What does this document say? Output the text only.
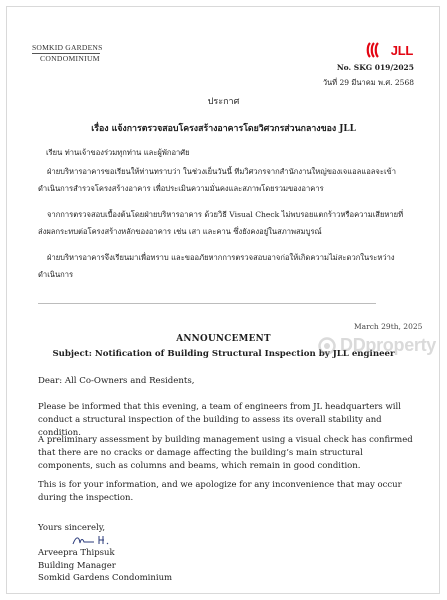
SOMKID GARDENS
CONDOMINIUM
JLL
No. SKG 019/2025
วันที่ 29 มีนาคม พ.ศ. 2568
ประกาศ
เรื่อง แจ้งการตรวจสอบโครงสร้างอาคารโดยวิศวกรส่วนกลางของ JLL
เรียน ท่านเจ้าของร่วมทุกท่าน และผู้พักอาศัย
ฝ่ายบริหารอาคารขอเรียนให้ท่านทราบว่า ในช่วงเย็นวันนี้ ทีมวิศวกรจากสำนักงานใหญ่ของเจแอลแอลจะเข้าดำเนินการสำรวจโครงสร้างอาคาร เพื่อประเมินความมั่นคงและสภาพโดยรวมของอาคาร
จากการตรวจสอบเบื้องต้นโดยฝ่ายบริหารอาคาร ด้วยวิธี Visual Check ไม่พบรอยแตกร้าวหรือความเสียหายที่ส่งผลกระทบต่อโครงสร้างหลักของอาคาร เช่น เสา และคาน ซึ่งยังคงอยู่ในสภาพสมบูรณ์
ฝ่ายบริหารอาคารจึงเรียนมาเพื่อทราบ และขออภัยหากการตรวจสอบอาจก่อให้เกิดความไม่สะดวกในระหว่างดำเนินการ
March 29th, 2025
ANNOUNCEMENT
Subject: Notification of Building Structural Inspection by JLL engineer
Dear: All Co-Owners and Residents,
Please be informed that this evening, a team of engineers from JL headquarters will conduct a structural inspection of the building to assess its overall stability and condition.
A preliminary assessment by building management using a visual check has confirmed that there are no cracks or damage affecting the building’s main structural components, such as columns and beams, which remain in good condition.
This is for your information, and we apologize for any inconvenience that may occur during the inspection.
Yours sincerely,
Arveepra Thipsuk
Building Manager
Somkid Gardens Condominium
DDproperty
